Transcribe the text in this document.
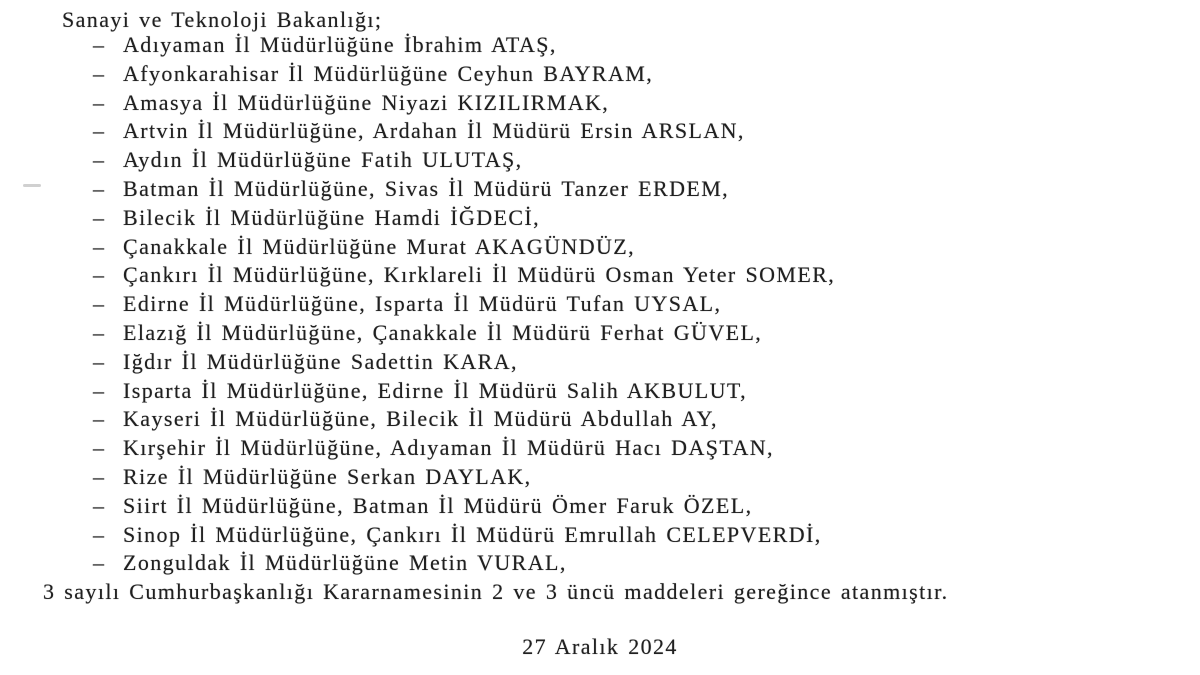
Sanayi ve Teknoloji Bakanlığı;

– Adıyaman İl Müdürlüğüne İbrahim ATAŞ,
– Afyonkarahisar İl Müdürlüğüne Ceyhun BAYRAM,
– Amasya İl Müdürlüğüne Niyazi KIZILIRMAK,
– Artvin İl Müdürlüğüne, Ardahan İl Müdürü Ersin ARSLAN,
– Aydın İl Müdürlüğüne Fatih ULUTAŞ,
– Batman İl Müdürlüğüne, Sivas İl Müdürü Tanzer ERDEM,
– Bilecik İl Müdürlüğüne Hamdi İĞDECİ,
– Çanakkale İl Müdürlüğüne Murat AKAGÜNDÜZ,
– Çankırı İl Müdürlüğüne, Kırklareli İl Müdürü Osman Yeter SOMER,
– Edirne İl Müdürlüğüne, Isparta İl Müdürü Tufan UYSAL,
– Elazığ İl Müdürlüğüne, Çanakkale İl Müdürü Ferhat GÜVEL,
– Iğdır İl Müdürlüğüne Sadettin KARA,
– Isparta İl Müdürlüğüne, Edirne İl Müdürü Salih AKBULUT,
– Kayseri İl Müdürlüğüne, Bilecik İl Müdürü Abdullah AY,
– Kırşehir İl Müdürlüğüne, Adıyaman İl Müdürü Hacı DAŞTAN,
– Rize İl Müdürlüğüne Serkan DAYLAK,
– Siirt İl Müdürlüğüne, Batman İl Müdürü Ömer Faruk ÖZEL,
– Sinop İl Müdürlüğüne, Çankırı İl Müdürü Emrullah CELEPVERDİ,
– Zonguldak İl Müdürlüğüne Metin VURAL,

3 sayılı Cumhurbaşkanlığı Kararnamesinin 2 ve 3 üncü maddeleri gereğince atanmıştır.

27 Aralık 2024
